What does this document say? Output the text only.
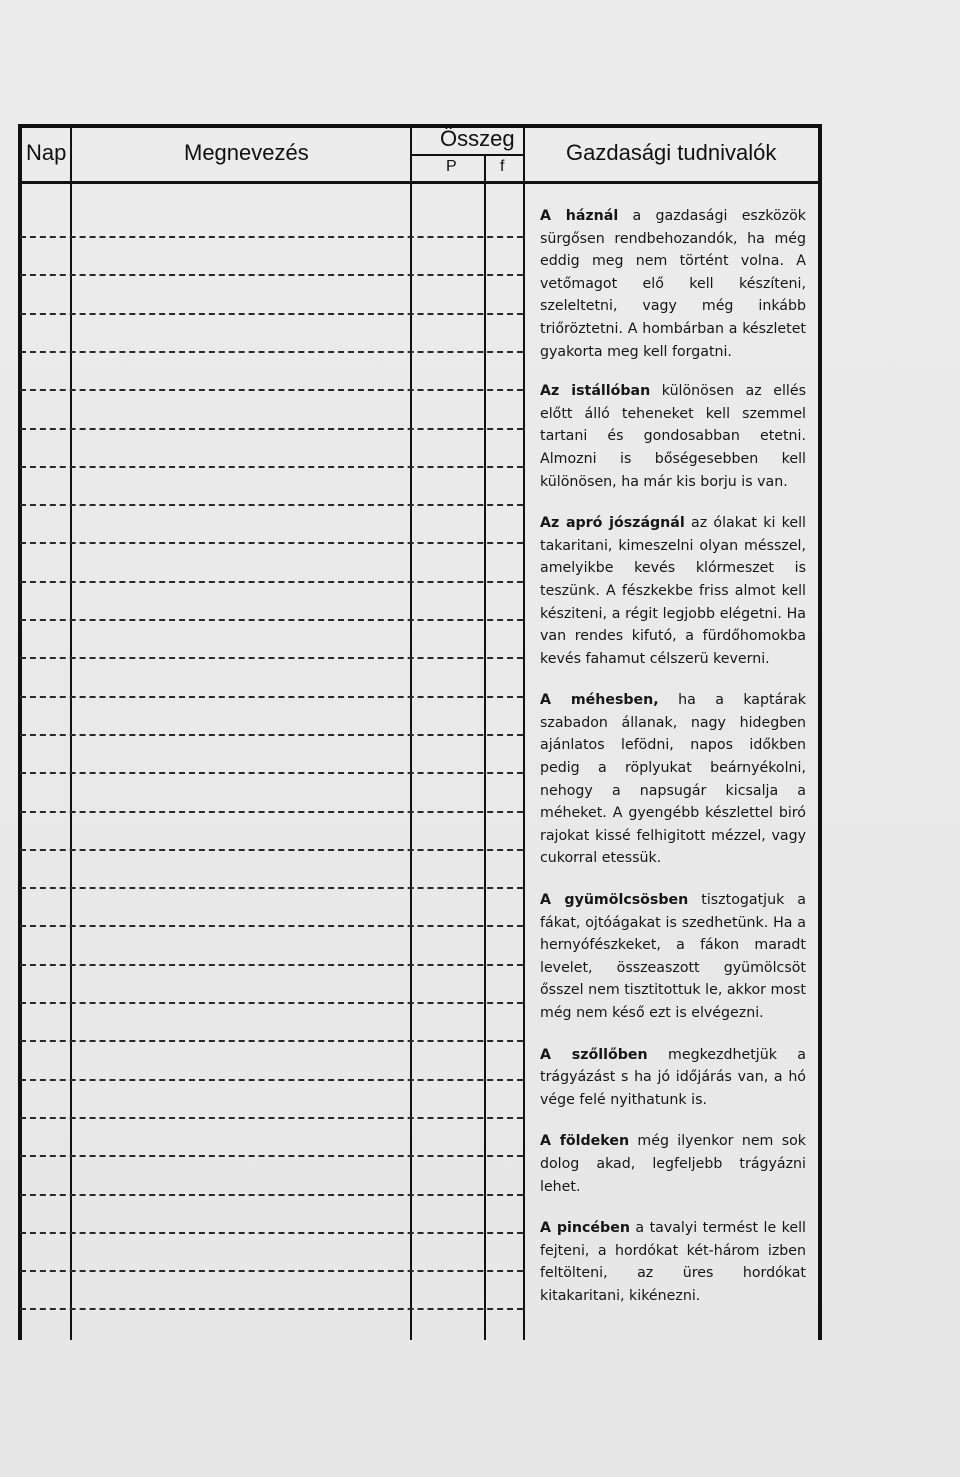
Nap	Megnevezés
Összeg
P	f
Gazdasági tudnivalók

A háznál a gazdasági eszközök sürgősen rendbehozandók, ha még eddig meg nem történt volna. A vetőmagot elő kell készíteni, szeleltetni, vagy még inkább triőröztetni. A hombárban a készletet gyakorta meg kell forgatni.

Az istállóban különösen az ellés előtt álló teheneket kell szemmel tartani és gondosabban etetni. Almozni is bőségesebben kell különösen, ha már kis borju is van.

Az apró jószágnál az ólakat ki kell takaritani, kimeszelni olyan mésszel, amelyikbe kevés klórmeszet is teszünk. A fészkekbe friss almot kell késziteni, a régit legjobb elégetni. Ha van rendes kifutó, a fürdőhomokba kevés fahamut célszerü keverni.

A méhesben, ha a kaptárak szabadon állanak, nagy hidegben ajánlatos lefödni, napos időkben pedig a röplyukat beárnyékolni, nehogy a napsugár kicsalja a méheket. A gyengébb készlettel biró rajokat kissé felhigitott mézzel, vagy cukorral etessük.

A gyümölcsösben tisztogatjuk a fákat, ojtóágakat is szedhetünk. Ha a hernyófészkeket, a fákon maradt levelet, összeaszott gyümölcsöt ősszel nem tisztitottuk le, akkor most még nem késő ezt is elvégezni.

A szőllőben megkezdhetjük a trágyázást s ha jó időjárás van, a hó vége felé nyithatunk is.

A földeken még ilyenkor nem sok dolog akad, legfeljebb trágyázni lehet.

A pincében a tavalyi termést le kell fejteni, a hordókat két-három izben feltölteni, az üres hordókat kitakaritani, kikénezni.
